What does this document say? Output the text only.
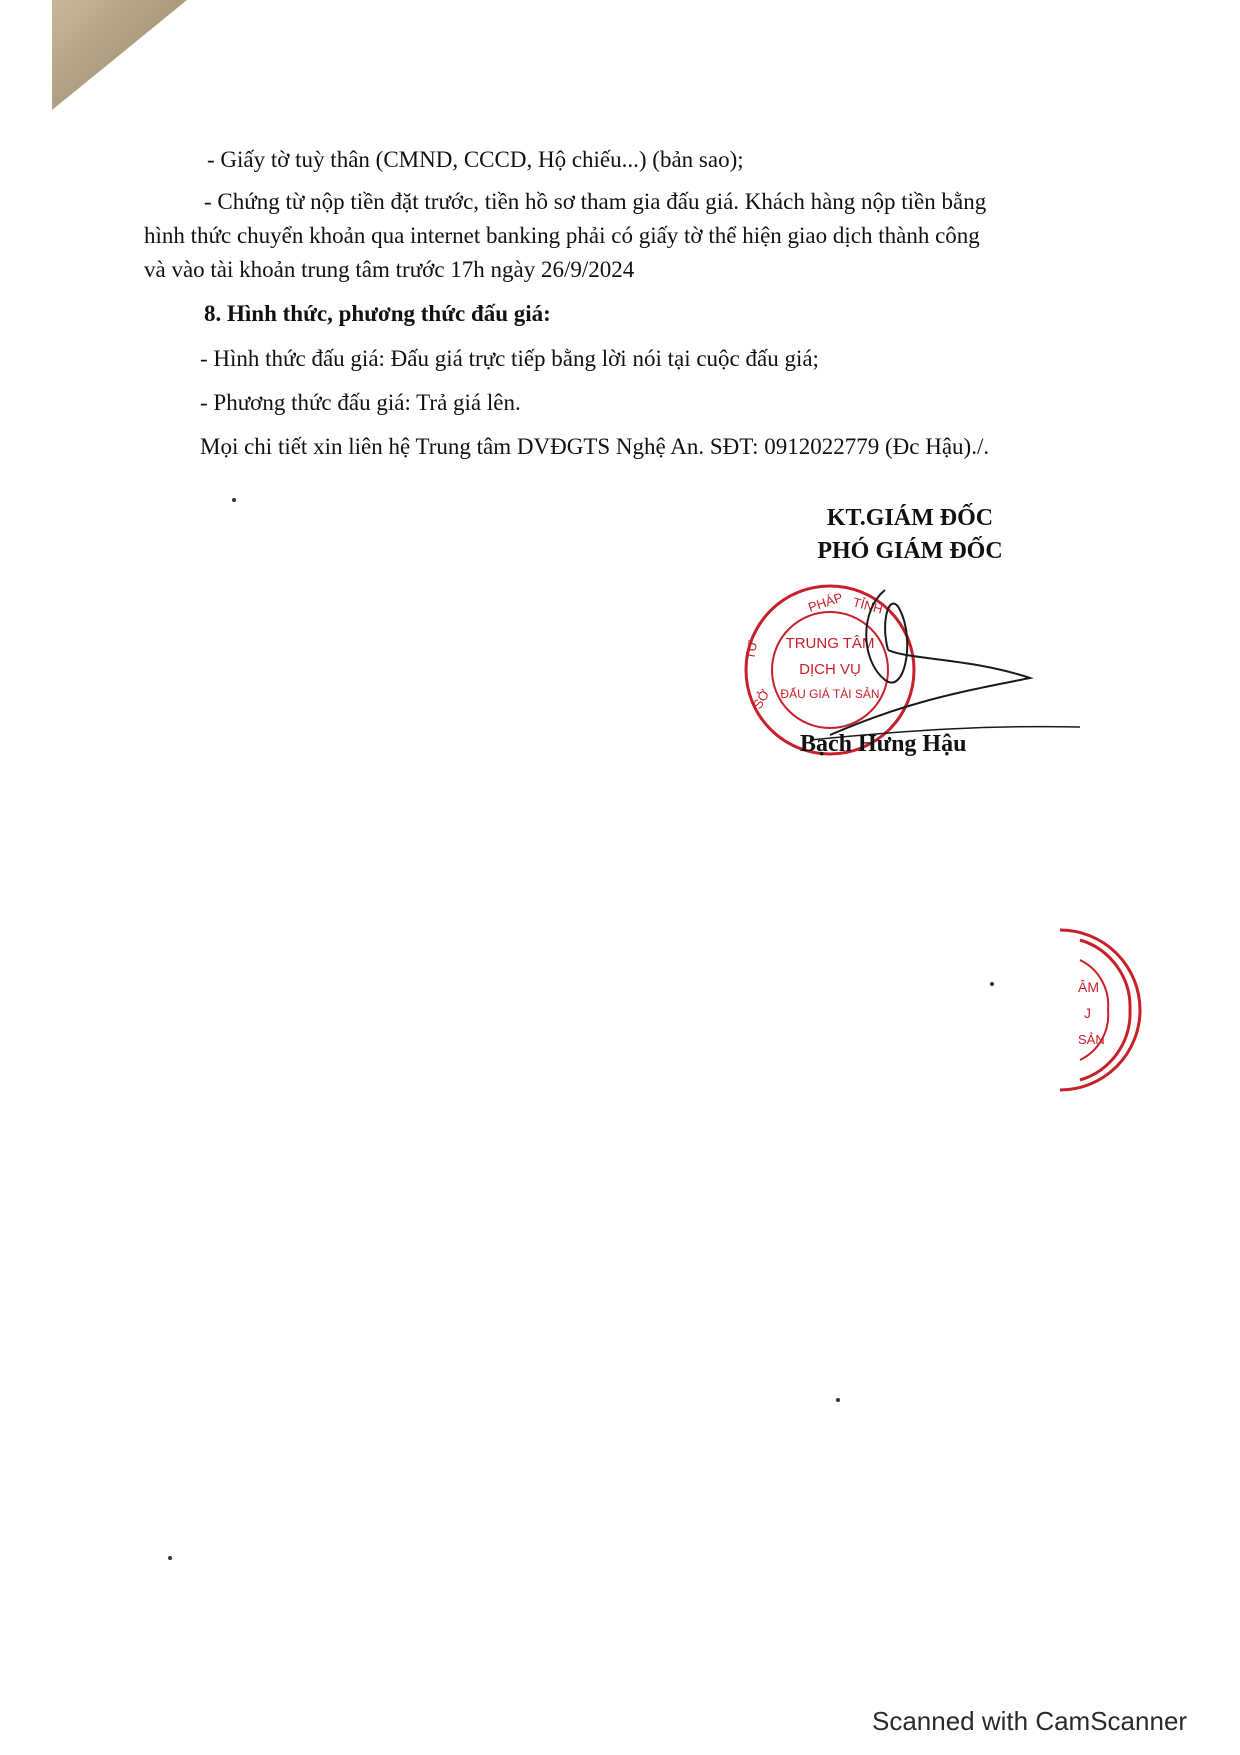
- Giấy tờ tuỳ thân (CMND, CCCD, Hộ chiếu...) (bản sao);
- Chứng từ nộp tiền đặt trước, tiền hồ sơ tham gia đấu giá. Khách hàng nộp tiền bằng
hình thức chuyển khoản qua internet banking phải có giấy tờ thể hiện giao dịch thành công
và vào tài khoản trung tâm trước 17h ngày 26/9/2024
8. Hình thức, phương thức đấu giá:
- Hình thức đấu giá: Đấu giá trực tiếp bằng lời nói tại cuộc đấu giá;
- Phương thức đấu giá: Trả giá lên.
Mọi chi tiết xin liên hệ Trung tâm DVĐGTS Nghệ An. SĐT: 0912022779 (Đc Hậu)./.
KT.GIÁM ĐỐC
PHÓ GIÁM ĐỐC
PHÁP TỈNH
TƯ
SỞ
TRUNG TÂM
DỊCH VỤ
ĐẤU GIÁ TÀI SẢN
Bạch Hưng Hậu
ÂM
J
SẢN
Scanned with CamScanner
